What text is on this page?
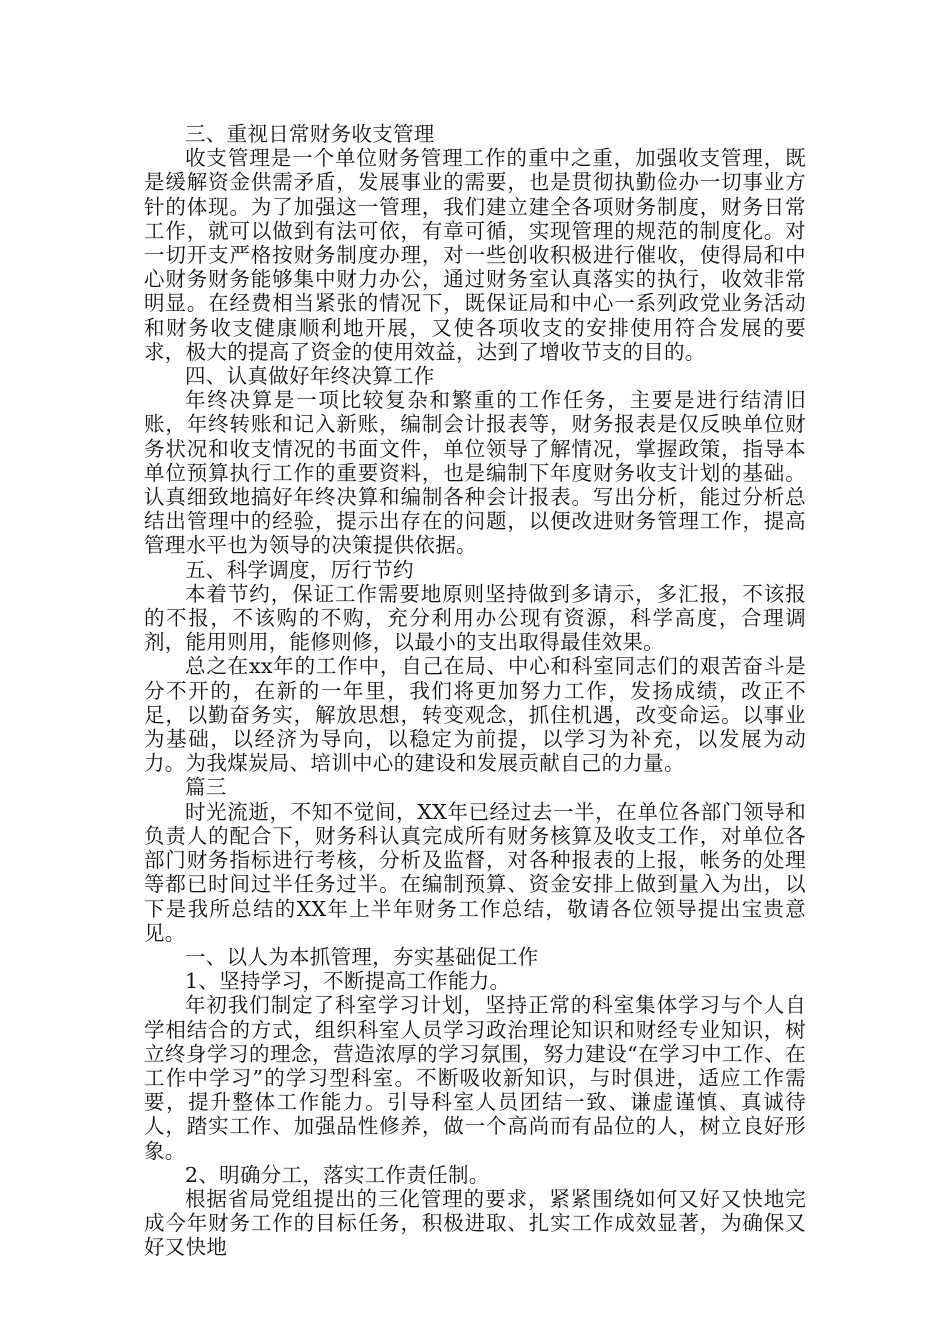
三、重视日常财务收支管理

收支管理是一个单位财务管理工作的重中之重，加强收支管理，既是缓解资金供需矛盾，发展事业的需要，也是贯彻执勤俭办一切事业方针的体现。为了加强这一管理，我们建立建全各项财务制度，财务日常工作，就可以做到有法可依，有章可循，实现管理的规范的制度化。对一切开支严格按财务制度办理，对一些创收积极进行催收，使得局和中心财务财务能够集中财力办公，通过财务室认真落实的执行，收效非常明显。在经费相当紧张的情况下，既保证局和中心一系列政党业务活动和财务收支健康顺利地开展，又使各项收支的安排使用符合发展的要求，极大的提高了资金的使用效益，达到了增收节支的目的。

四、认真做好年终决算工作

年终决算是一项比较复杂和繁重的工作任务，主要是进行结清旧账，年终转账和记入新账，编制会计报表等，财务报表是仅反映单位财务状况和收支情况的书面文件，单位领导了解情况，掌握政策，指导本单位预算执行工作的重要资料，也是编制下年度财务收支计划的基础。认真细致地搞好年终决算和编制各种会计报表。写出分析，能过分析总结出管理中的经验，提示出存在的问题，以便改进财务管理工作，提高管理水平也为领导的决策提供依据。

五、科学调度，厉行节约

本着节约，保证工作需要地原则坚持做到多请示，多汇报，不该报的不报，不该购的不购，充分利用办公现有资源，科学高度，合理调剂，能用则用，能修则修，以最小的支出取得最佳效果。

总之在xx年的工作中，自己在局、中心和科室同志们的艰苦奋斗是分不开的，在新的一年里，我们将更加努力工作，发扬成绩，改正不足，以勤奋务实，解放思想，转变观念，抓住机遇，改变命运。以事业为基础，以经济为导向，以稳定为前提，以学习为补充，以发展为动力。为我煤炭局、培训中心的建设和发展贡献自己的力量。

篇三

时光流逝，不知不觉间，XX年已经过去一半，在单位各部门领导和负责人的配合下，财务科认真完成所有财务核算及收支工作，对单位各部门财务指标进行考核，分析及监督，对各种报表的上报，帐务的处理等都已时间过半任务过半。在编制预算、资金安排上做到量入为出，以下是我所总结的XX年上半年财务工作总结，敬请各位领导提出宝贵意见。

一、以人为本抓管理，夯实基础促工作

1、坚持学习，不断提高工作能力。

年初我们制定了科室学习计划，坚持正常的科室集体学习与个人自学相结合的方式，组织科室人员学习政治理论知识和财经专业知识，树立终身学习的理念，营造浓厚的学习氛围，努力建设“在学习中工作、在工作中学习”的学习型科室。不断吸收新知识，与时俱进，适应工作需要，提升整体工作能力。引导科室人员团结一致、谦虚谨慎、真诚待人，踏实工作、加强品性修养，做一个高尚而有品位的人，树立良好形象。

2、明确分工，落实工作责任制。

根据省局党组提出的三化管理的要求，紧紧围绕如何又好又快地完成今年财务工作的目标任务，积极进取、扎实工作成效显著，为确保又好又快地
